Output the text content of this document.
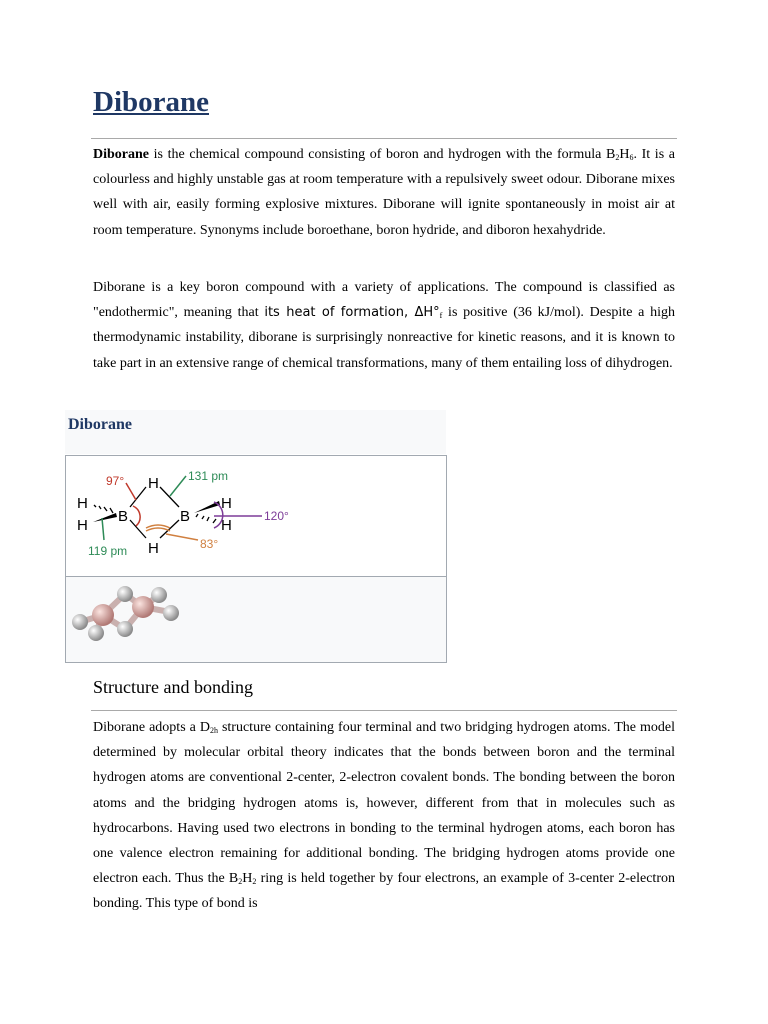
Diborane

Diborane is the chemical compound consisting of boron and hydrogen with the formula $B_2H_6$. It is a colourless and highly unstable gas at room temperature with a repulsively sweet odour. Diborane mixes well with air, easily forming explosive mixtures. Diborane will ignite spontaneously in moist air at room temperature. Synonyms include boroethane, boron hydride, and diboron hexahydride.

Diborane is a key boron compound with a variety of applications. The compound is classified as "endothermic", meaning that its heat of formation, $\Delta H^\circ_f$ is positive (36 kJ/mol). Despite a high thermodynamic instability, diborane is surprisingly nonreactive for kinetic reasons, and it is known to take part in an extensive range of chemical transformations, many of them entailing loss of dihydrogen.

Diborane
H
H
B	B
H
H
H
H
97°	131 pm
120°
119 pm	83°
Structure and bonding

Diborane adopts a $D_{2h}$ structure containing four terminal and two bridging hydrogen atoms. The model determined by molecular orbital theory indicates that the bonds between boron and the terminal hydrogen atoms are conventional 2-center, 2-electron covalent bonds. The bonding between the boron atoms and the bridging hydrogen atoms is, however, different from that in molecules such as hydrocarbons. Having used two electrons in bonding to the terminal hydrogen atoms, each boron has one valence electron remaining for additional bonding. The bridging hydrogen atoms provide one electron each. Thus the $B_2H_2$ ring is held together by four electrons, an example of 3-center 2-electron bonding. This type of bond is
